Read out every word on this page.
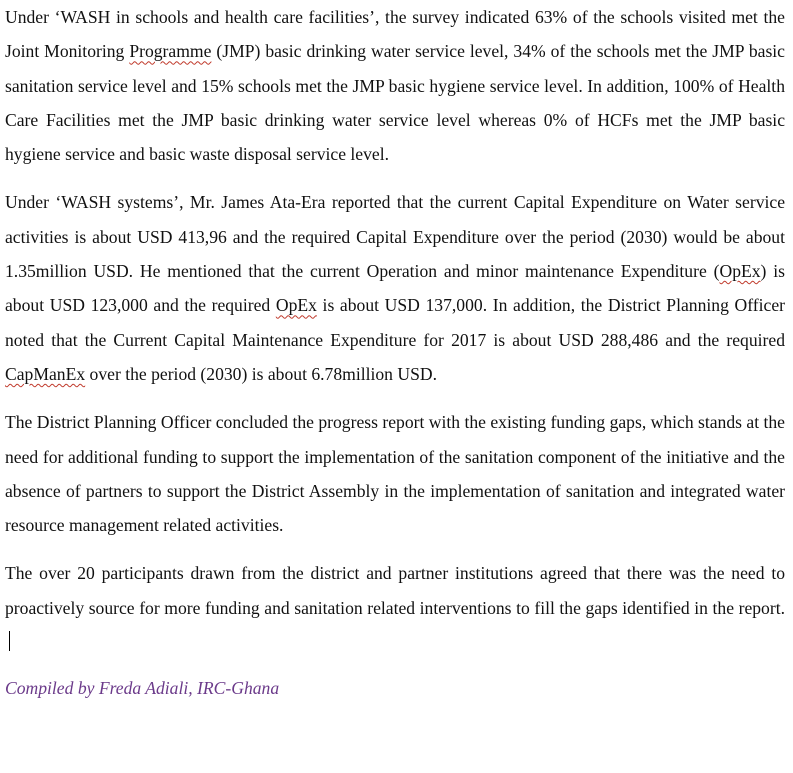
Under ‘WASH in schools and health care facilities’, the survey indicated 63% of the schools visited met the Joint Monitoring Programme (JMP) basic drinking water service level, 34% of the schools met the JMP basic sanitation service level and 15% schools met the JMP basic hygiene service level. In addition, 100% of Health Care Facilities met the JMP basic drinking water service level whereas 0% of HCFs met the JMP basic hygiene service and basic waste disposal service level.

Under ‘WASH systems’, Mr. James Ata-Era reported that the current Capital Expenditure on Water service activities is about USD 413,96 and the required Capital Expenditure over the period (2030) would be about 1.35million USD. He mentioned that the current Operation and minor maintenance Expenditure (OpEx) is about USD 123,000 and the required OpEx is about USD 137,000. In addition, the District Planning Officer noted that the Current Capital Maintenance Expenditure for 2017 is about USD 288,486 and the required CapManEx over the period (2030) is about 6.78million USD.

The District Planning Officer concluded the progress report with the existing funding gaps, which stands at the need for additional funding to support the implementation of the sanitation component of the initiative and the absence of partners to support the District Assembly in the implementation of sanitation and integrated water resource management related activities.

The over 20 participants drawn from the district and partner institutions agreed that there was the need to proactively source for more funding and sanitation related interventions to fill the gaps identified in the report.

Compiled by Freda Adiali, IRC-Ghana
